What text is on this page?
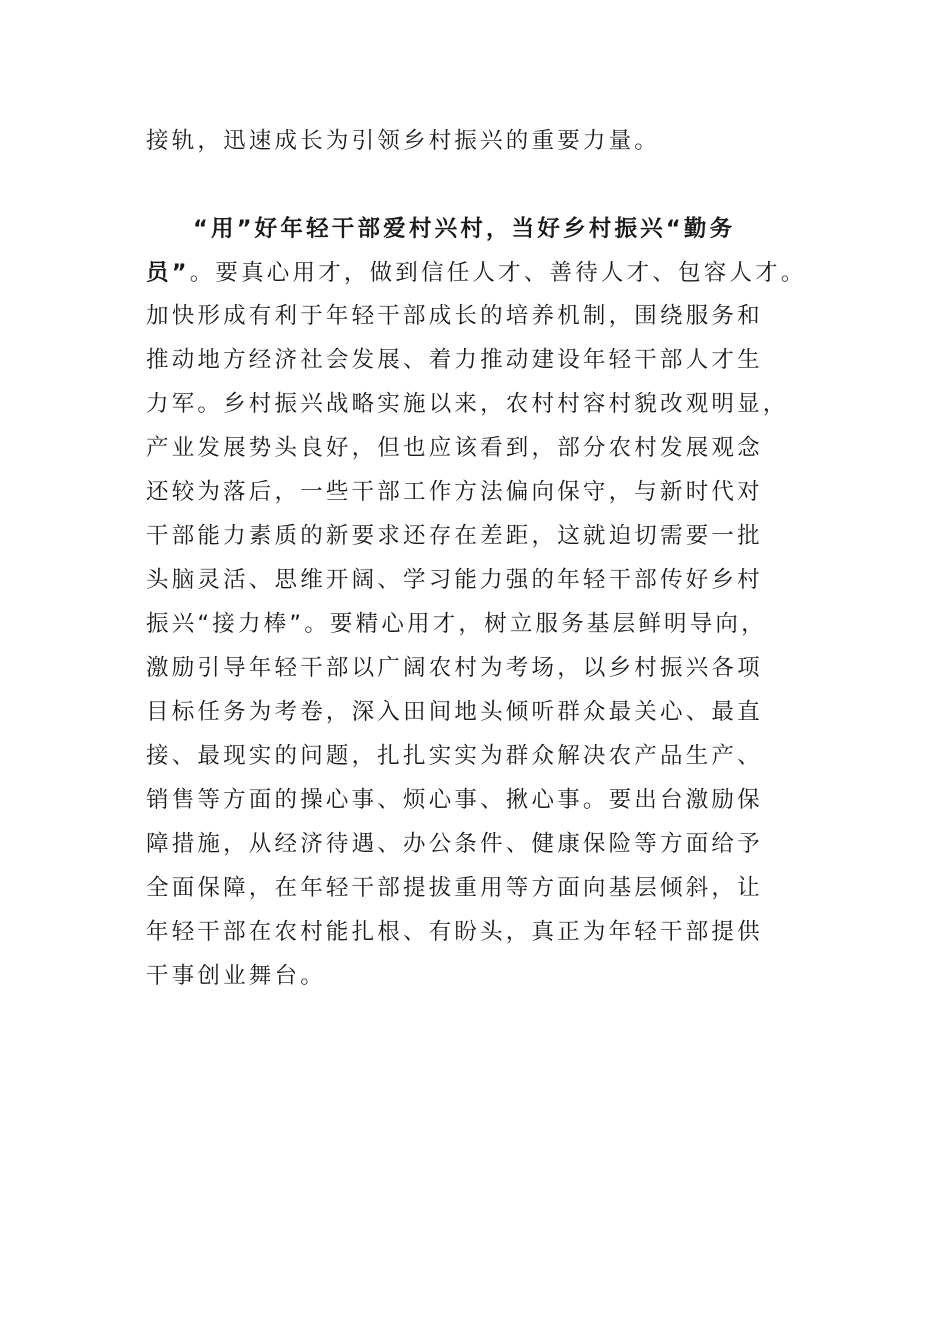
接轨，迅速成长为引领乡村振兴的重要力量。
“用”好年轻干部爱村兴村，当好乡村振兴“勤务
员”。要真心用才，做到信任人才、善待人才、包容人才。
加快形成有利于年轻干部成长的培养机制，围绕服务和
推动地方经济社会发展、着力推动建设年轻干部人才生
力军。乡村振兴战略实施以来，农村村容村貌改观明显，
产业发展势头良好，但也应该看到，部分农村发展观念
还较为落后，一些干部工作方法偏向保守，与新时代对
干部能力素质的新要求还存在差距，这就迫切需要一批
头脑灵活、思维开阔、学习能力强的年轻干部传好乡村
振兴“接力棒”。要精心用才，树立服务基层鲜明导向，
激励引导年轻干部以广阔农村为考场，以乡村振兴各项
目标任务为考卷，深入田间地头倾听群众最关心、最直
接、最现实的问题，扎扎实实为群众解决农产品生产、
销售等方面的操心事、烦心事、揪心事。要出台激励保
障措施，从经济待遇、办公条件、健康保险等方面给予
全面保障，在年轻干部提拔重用等方面向基层倾斜，让
年轻干部在农村能扎根、有盼头，真正为年轻干部提供
干事创业舞台。
